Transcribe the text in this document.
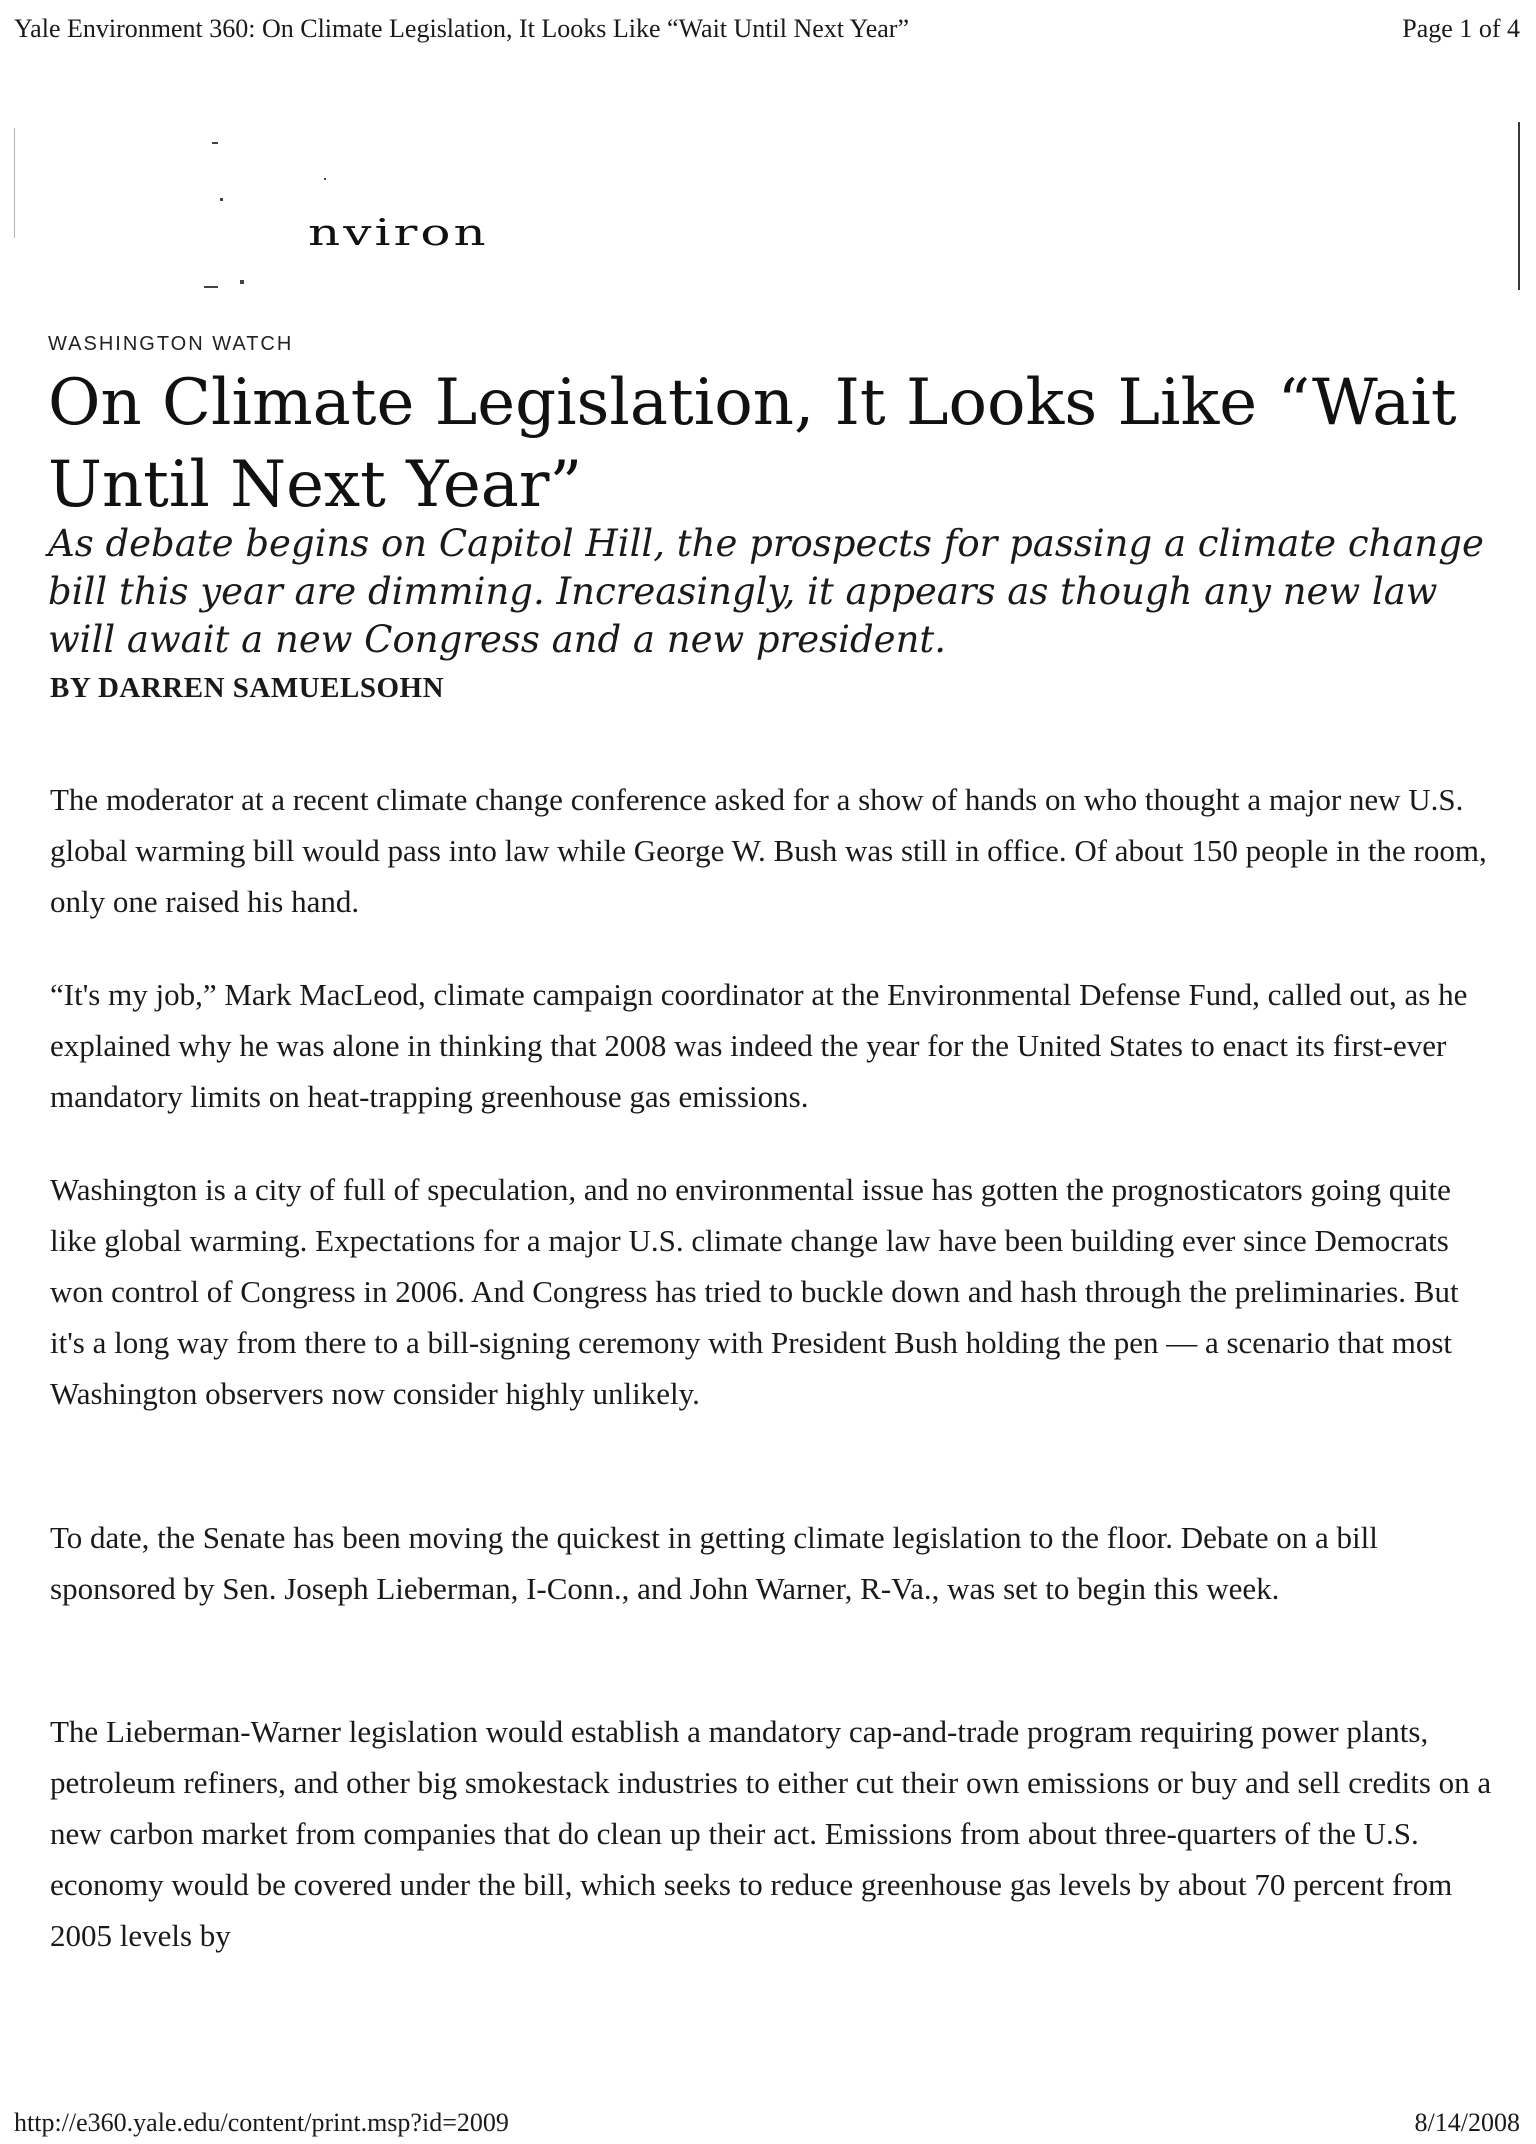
Yale Environment 360: On Climate Legislation, It Looks Like “Wait Until Next Year”	Page 1 of 4
nviron
WASHINGTON WATCH
On Climate Legislation, It Looks Like “Wait Until Next Year”

As debate begins on Capitol Hill, the prospects for passing a climate change bill this year are dimming. Increasingly, it appears as though any new law will await a new Congress and a new president.

BY DARREN SAMUELSOHN

The moderator at a recent climate change conference asked for a show of hands on who thought a major new U.S. global warming bill would pass into law while George W. Bush was still in office. Of about 150 people in the room, only one raised his hand.

“It's my job,” Mark MacLeod, climate campaign coordinator at the Environmental Defense Fund, called out, as he explained why he was alone in thinking that 2008 was indeed the year for the United States to enact its first-ever mandatory limits on heat-trapping greenhouse gas emissions.

Washington is a city of full of speculation, and no environmental issue has gotten the prognosticators going quite like global warming. Expectations for a major U.S. climate change law have been building ever since Democrats won control of Congress in 2006. And Congress has tried to buckle down and hash through the preliminaries. But it's a long way from there to a bill-signing ceremony with President Bush holding the pen — a scenario that most Washington observers now consider highly unlikely.

To date, the Senate has been moving the quickest in getting climate legislation to the floor. Debate on a bill sponsored by Sen. Joseph Lieberman, I-Conn., and John Warner, R-Va., was set to begin this week.

The Lieberman-Warner legislation would establish a mandatory cap-and-trade program requiring power plants, petroleum refiners, and other big smokestack industries to either cut their own emissions or buy and sell credits on a new carbon market from companies that do clean up their act. Emissions from about three-quarters of the U.S. economy would be covered under the bill, which seeks to reduce greenhouse gas levels by about 70 percent from 2005 levels by

http://e360.yale.edu/content/print.msp?id=2009	8/14/2008
